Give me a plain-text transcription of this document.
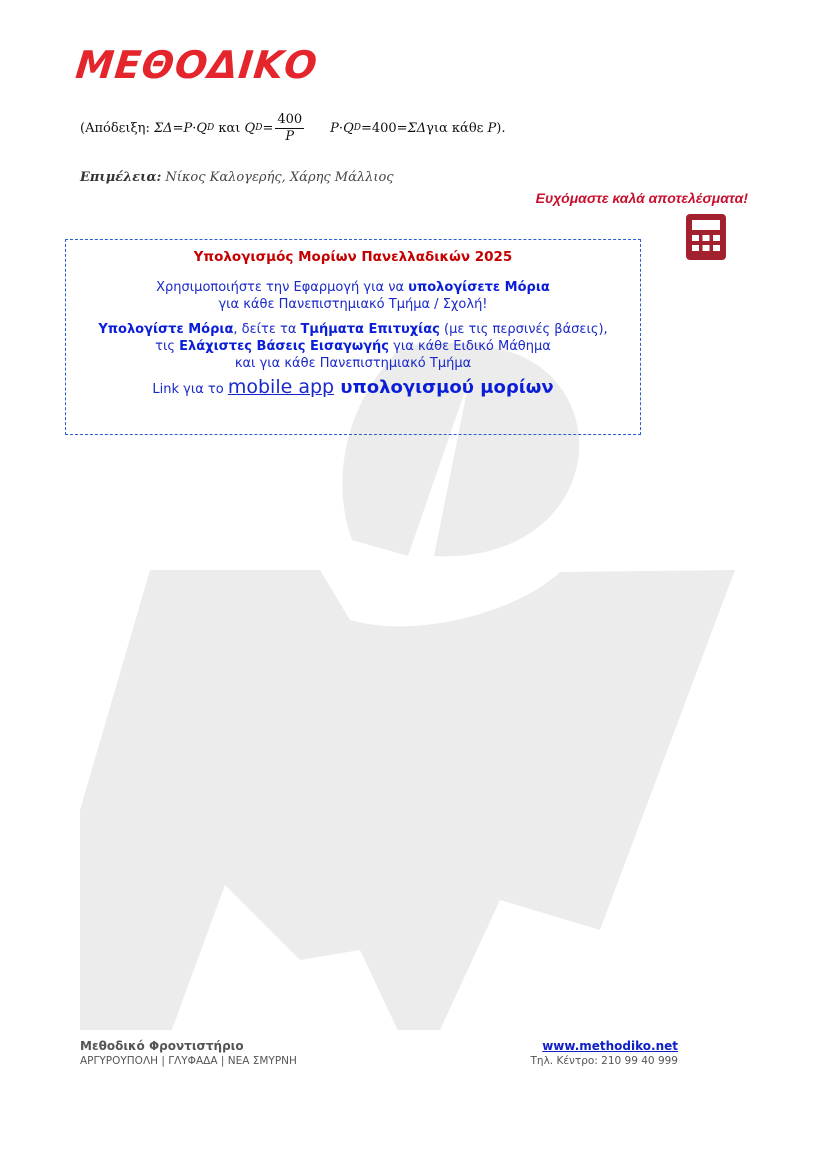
ΜΕΘΟΔΙΚΟ
(Απόδειξη:
ΣΔ = P · Q D
και
Q $D = \frac{400}{P}$ P · Q D =400= ΣΔ για κάθε
P ).
Επιμέλεια: Νίκος Καλογερής, Χάρης Μάλλιος
Ευχόμαστε καλά αποτελέσματα!
Υπολογισμός Μορίων Πανελλαδικών 2025

Χρησιμοποιήστε την Εφαρμογή για να υπολογίσετε Μόρια

για κάθε Πανεπιστημιακό Τμήμα / Σχολή!

Υπολογίστε Μόρια, δείτε τα Τμήματα Επιτυχίας (με τις περσινές βάσεις),

τις Ελάχιστες Βάσεις Εισαγωγής για κάθε Ειδικό Μάθημα

και για κάθε Πανεπιστημιακό Τμήμα

Link για το mobile app υπολογισμού μορίων

Μεθοδικό Φροντιστήριο
ΑΡΓΥΡΟΥΠΟΛΗ | ΓΛΥΦΑΔΑ | ΝΕΑ ΣΜΥΡΝΗ
www.methodiko.net
Τηλ. Κέντρο: 210 99 40 999
